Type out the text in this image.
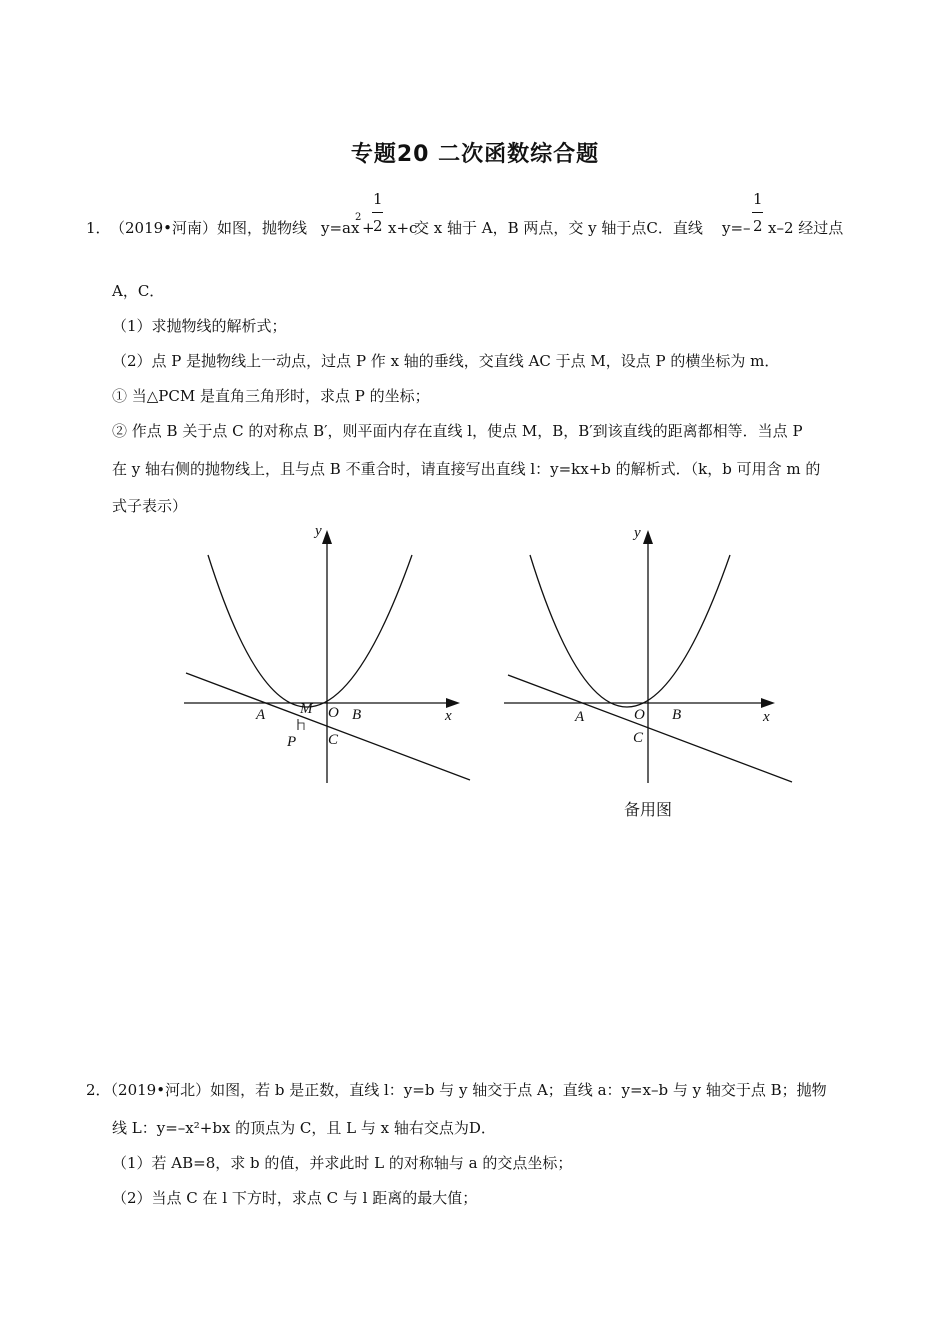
专题20 二次函数综合题
1． （2019•河南）如图，抛物线 y=ax
2
+
1
2 x+c
交 x 轴于 A，B 两点，交 y 轴于点C．直线 y=–
1
2 x–2 经过点
A，C．
（1）求抛物线的解析式；
（2）点 P 是抛物线上一动点，过点 P 作 x 轴的垂线，交直线 AC 于点 M，设点 P 的横坐标为 m．
① 当△PCM 是直角三角形时，求点 P 的坐标；
② 作点 B 关于点 C 的对称点 B′，则平面内存在直线 l，使点 M，B，B′到该直线的距离都相等．当点 P
在 y 轴右侧的抛物线上，且与点 B 不重合时，请直接写出直线 l：y=kx+b 的解析式．（k，b 可用含 m 的
式子表示）
y
x
A M O B
P C
y
x
A	O B
C
备用图
2．（2019•河北）如图，若 b 是正数，直线 l：y=b 与 y 轴交于点 A；直线 a：y=x–b 与 y 轴交于点 B；抛物
线 L：y=–x²+bx 的顶点为 C，且 L 与 x 轴右交点为D．
（1）若 AB=8，求 b 的值，并求此时 L 的对称轴与 a 的交点坐标；
（2）当点 C 在 l 下方时，求点 C 与 l 距离的最大值；
